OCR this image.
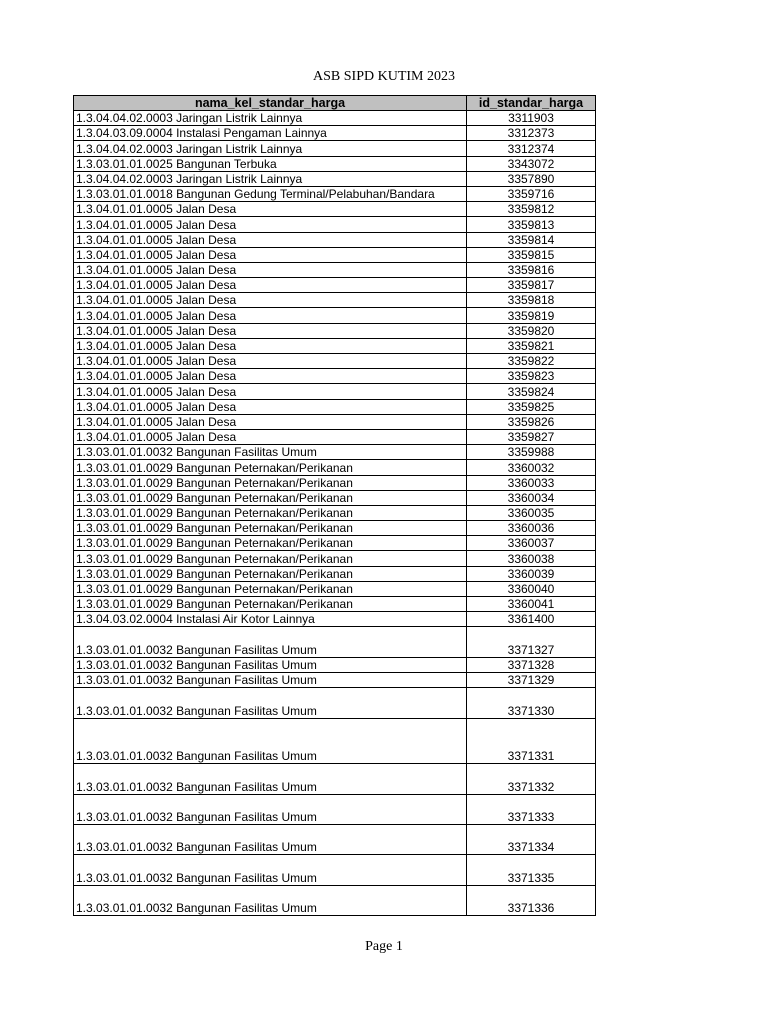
ASB SIPD KUTIM 2023
nama_kel_standar_harga	id_standar_harga
1.3.04.04.02.0003 Jaringan Listrik Lainnya	3311903
1.3.04.03.09.0004 Instalasi Pengaman Lainnya	3312373
1.3.04.04.02.0003 Jaringan Listrik Lainnya	3312374
1.3.03.01.01.0025 Bangunan Terbuka	3343072
1.3.04.04.02.0003 Jaringan Listrik Lainnya	3357890
1.3.03.01.01.0018 Bangunan Gedung Terminal/Pelabuhan/Bandara	3359716
1.3.04.01.01.0005 Jalan Desa	3359812
1.3.04.01.01.0005 Jalan Desa	3359813
1.3.04.01.01.0005 Jalan Desa	3359814
1.3.04.01.01.0005 Jalan Desa	3359815
1.3.04.01.01.0005 Jalan Desa	3359816
1.3.04.01.01.0005 Jalan Desa	3359817
1.3.04.01.01.0005 Jalan Desa	3359818
1.3.04.01.01.0005 Jalan Desa	3359819
1.3.04.01.01.0005 Jalan Desa	3359820
1.3.04.01.01.0005 Jalan Desa	3359821
1.3.04.01.01.0005 Jalan Desa	3359822
1.3.04.01.01.0005 Jalan Desa	3359823
1.3.04.01.01.0005 Jalan Desa	3359824
1.3.04.01.01.0005 Jalan Desa	3359825
1.3.04.01.01.0005 Jalan Desa	3359826
1.3.04.01.01.0005 Jalan Desa	3359827
1.3.03.01.01.0032 Bangunan Fasilitas Umum	3359988
1.3.03.01.01.0029 Bangunan Peternakan/Perikanan	3360032
1.3.03.01.01.0029 Bangunan Peternakan/Perikanan	3360033
1.3.03.01.01.0029 Bangunan Peternakan/Perikanan	3360034
1.3.03.01.01.0029 Bangunan Peternakan/Perikanan	3360035
1.3.03.01.01.0029 Bangunan Peternakan/Perikanan	3360036
1.3.03.01.01.0029 Bangunan Peternakan/Perikanan	3360037
1.3.03.01.01.0029 Bangunan Peternakan/Perikanan	3360038
1.3.03.01.01.0029 Bangunan Peternakan/Perikanan	3360039
1.3.03.01.01.0029 Bangunan Peternakan/Perikanan	3360040
1.3.03.01.01.0029 Bangunan Peternakan/Perikanan	3360041
1.3.04.03.02.0004 Instalasi Air Kotor Lainnya	3361400
1.3.03.01.01.0032 Bangunan Fasilitas Umum	3371327
1.3.03.01.01.0032 Bangunan Fasilitas Umum	3371328
1.3.03.01.01.0032 Bangunan Fasilitas Umum	3371329
1.3.03.01.01.0032 Bangunan Fasilitas Umum	3371330
1.3.03.01.01.0032 Bangunan Fasilitas Umum	3371331
1.3.03.01.01.0032 Bangunan Fasilitas Umum	3371332
1.3.03.01.01.0032 Bangunan Fasilitas Umum	3371333
1.3.03.01.01.0032 Bangunan Fasilitas Umum	3371334
1.3.03.01.01.0032 Bangunan Fasilitas Umum	3371335
1.3.03.01.01.0032 Bangunan Fasilitas Umum	3371336
Page 1
